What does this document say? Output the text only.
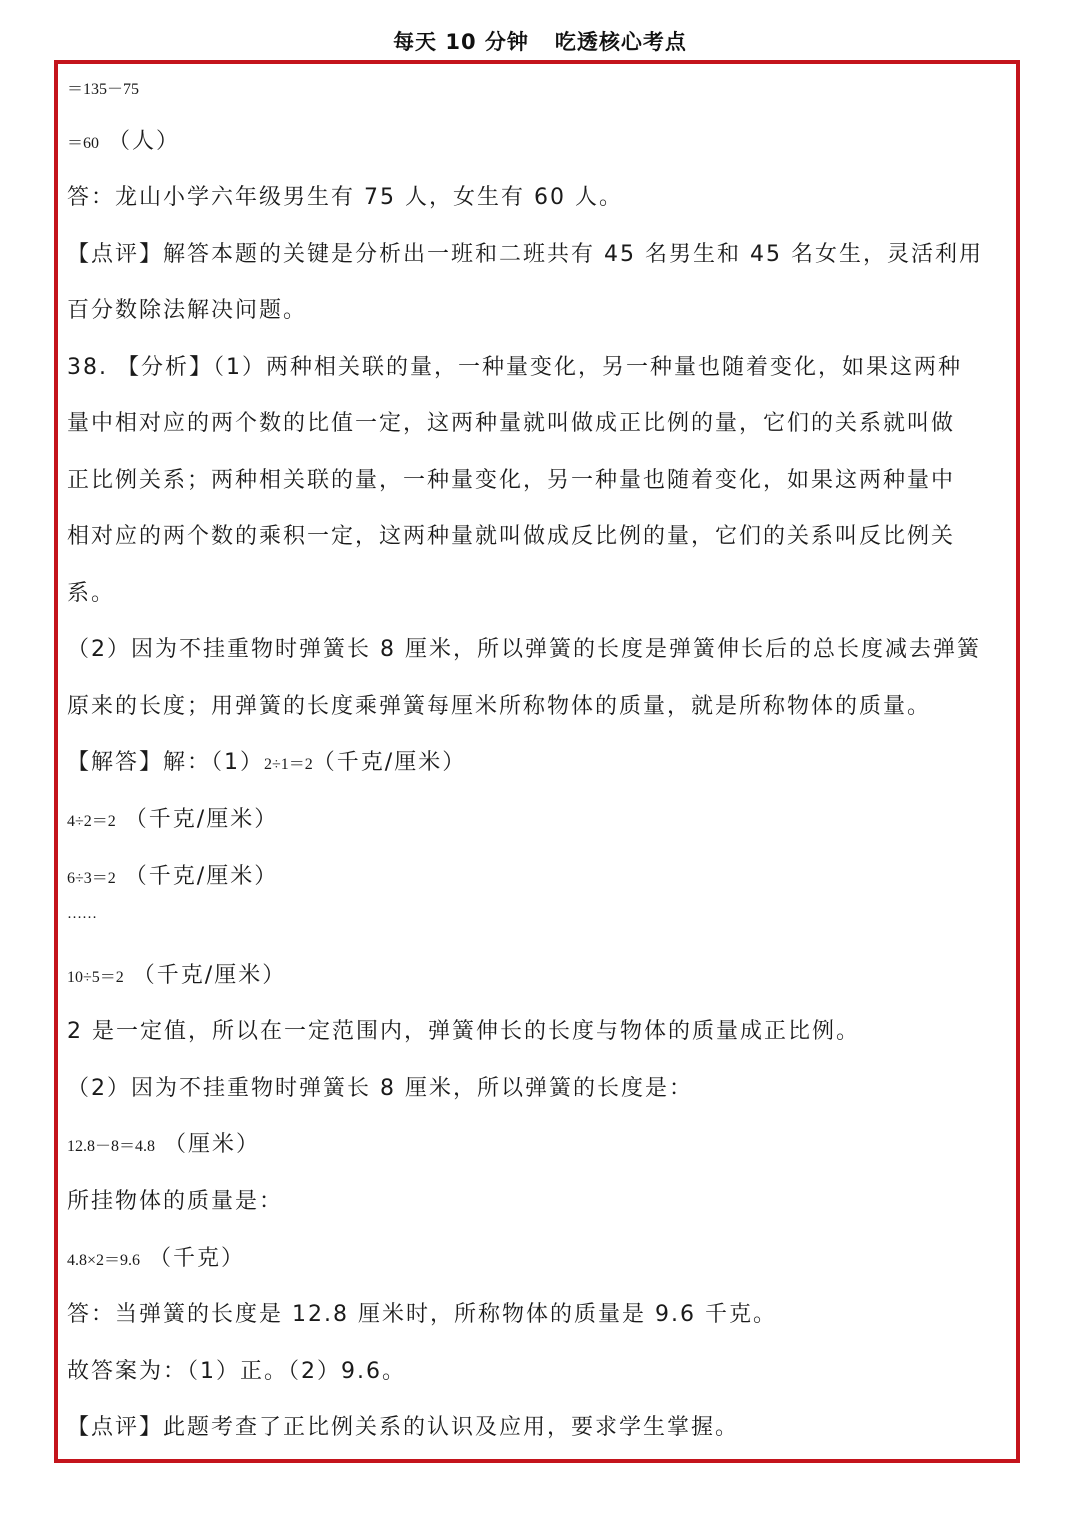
每天 10 分钟 吃透核心考点
＝135－75
＝60 （人）
答：龙山小学六年级男生有 75 人，女生有 60 人。
【点评】解答本题的关键是分析出一班和二班共有 45 名男生和 45 名女生，灵活利用
百分数除法解决问题。
38. 【分析】（1）两种相关联的量，一种量变化，另一种量也随着变化，如果这两种
量中相对应的两个数的比值一定，这两种量就叫做成正比例的量，它们的关系就叫做
正比例关系；两种相关联的量，一种量变化，另一种量也随着变化，如果这两种量中
相对应的两个数的乘积一定，这两种量就叫做成反比例的量，它们的关系叫反比例关
系。
（2）因为不挂重物时弹簧长 8 厘米，所以弹簧的长度是弹簧伸长后的总长度减去弹簧
原来的长度；用弹簧的长度乘弹簧每厘米所称物体的质量，就是所称物体的质量。
【解答】解：（1）2÷1＝2（千克/厘米）
4÷2＝2 （千克/厘米）
6÷3＝2 （千克/厘米）
……
10÷5＝2 （千克/厘米）
2 是一定值，所以在一定范围内，弹簧伸长的长度与物体的质量成正比例。
（2）因为不挂重物时弹簧长 8 厘米，所以弹簧的长度是：
12.8－8＝4.8 （厘米）
所挂物体的质量是：
4.8×2＝9.6 （千克）
答：当弹簧的长度是 12.8 厘米时，所称物体的质量是 9.6 千克。
故答案为：（1）正。（2）9.6。
【点评】此题考查了正比例关系的认识及应用，要求学生掌握。
